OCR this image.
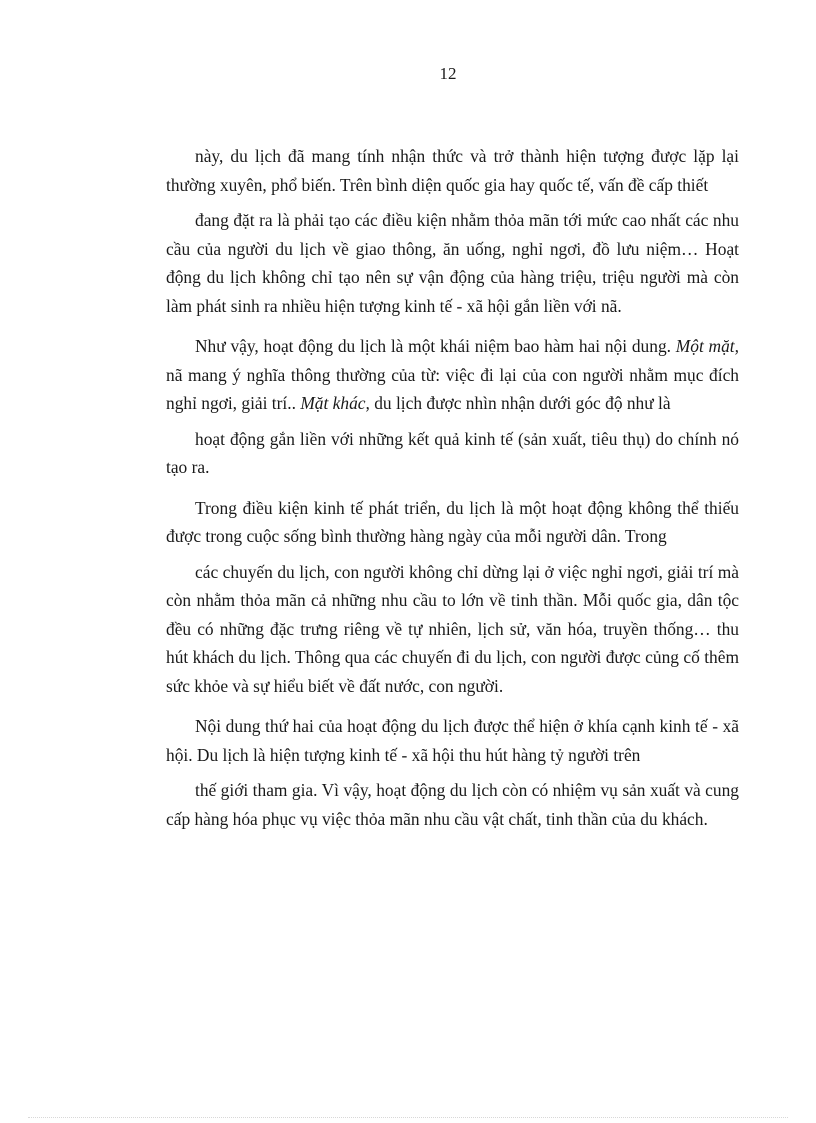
12

này, du lịch đã mang tính nhận thức và trở thành hiện tượng được lặp lại thường xuyên, phổ biến. Trên bình diện quốc gia hay quốc tế, vấn đề cấp thiết

đang đặt ra là phải tạo các điều kiện nhằm thỏa mãn tới mức cao nhất các nhu cầu của người du lịch về giao thông, ăn uống, nghỉ ngơi, đồ lưu niệm… Hoạt động du lịch không chỉ tạo nên sự vận động của hàng triệu, triệu người mà còn làm phát sinh ra nhiều hiện tượng kinh tế - xã hội gắn liền với nã.

Như vậy, hoạt động du lịch là một khái niệm bao hàm hai nội dung. Một mặt, nã mang ý nghĩa thông thường của từ: việc đi lại của con người nhằm mục đích nghỉ ngơi, giải trí.. Mặt khác, du lịch được nhìn nhận dưới góc độ như là

hoạt động gắn liền với những kết quả kinh tế (sản xuất, tiêu thụ) do chính nó tạo ra.

Trong điều kiện kinh tế phát triển, du lịch là một hoạt động không thể thiếu được trong cuộc sống bình thường hàng ngày của mỗi người dân. Trong

các chuyến du lịch, con người không chỉ dừng lại ở việc nghỉ ngơi, giải trí mà còn nhằm thỏa mãn cả những nhu cầu to lớn về tinh thần. Mỗi quốc gia, dân tộc đều có những đặc trưng riêng về tự nhiên, lịch sử, văn hóa, truyền thống… thu hút khách du lịch. Thông qua các chuyến đi du lịch, con người được củng cố thêm sức khỏe và sự hiểu biết về đất nước, con người.

Nội dung thứ hai của hoạt động du lịch được thể hiện ở khía cạnh kinh tế - xã hội. Du lịch là hiện tượng kinh tế - xã hội thu hút hàng tỷ người trên

thế giới tham gia. Vì vậy, hoạt động du lịch còn có nhiệm vụ sản xuất và cung cấp hàng hóa phục vụ việc thỏa mãn nhu cầu vật chất, tinh thần của du khách.
